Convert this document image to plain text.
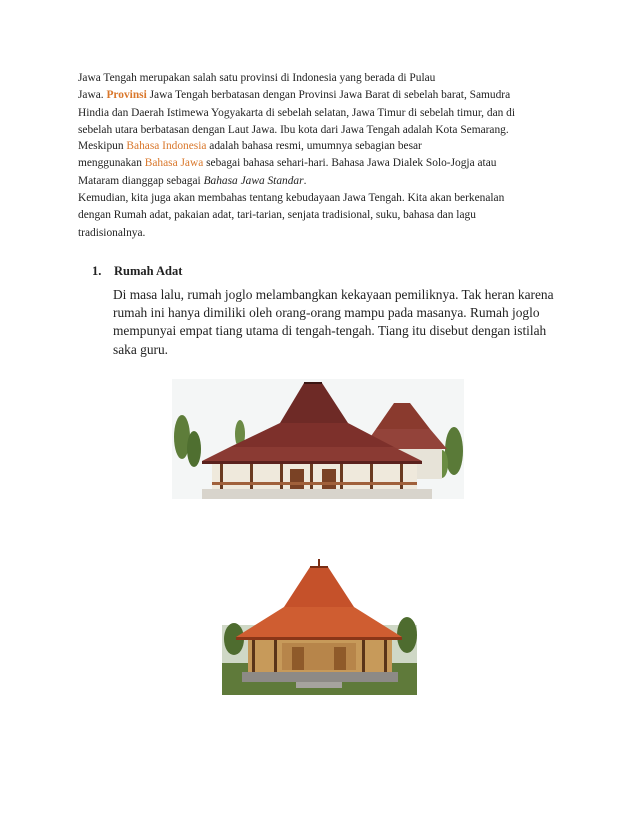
Jawa Tengah merupakan salah satu provinsi di Indonesia yang berada di Pulau
Jawa. Provinsi Jawa Tengah berbatasan dengan Provinsi Jawa Barat di sebelah barat, Samudra
Hindia dan Daerah Istimewa Yogyakarta di sebelah selatan, Jawa Timur di sebelah timur, dan di
sebelah utara berbatasan dengan Laut Jawa. Ibu kota dari Jawa Tengah adalah Kota Semarang.

Meskipun Bahasa Indonesia adalah bahasa resmi, umumnya sebagian besar
menggunakan Bahasa Jawa sebagai bahasa sehari-hari. Bahasa Jawa Dialek Solo-Jogja atau
Mataram dianggap sebagai Bahasa Jawa Standar.

Kemudian, kita juga akan membahas tentang kebudayaan Jawa Tengah. Kita akan berkenalan
dengan Rumah adat, pakaian adat, tari-tarian, senjata tradisional, suku, bahasa dan lagu
tradisionalnya.

1. Rumah Adat

Di masa lalu, rumah joglo melambangkan kekayaan pemiliknya. Tak heran karena
rumah ini hanya dimiliki oleh orang-orang mampu pada masanya. Rumah joglo
mempunyai empat tiang utama di tengah-tengah. Tiang itu disebut dengan istilah
saka guru.
